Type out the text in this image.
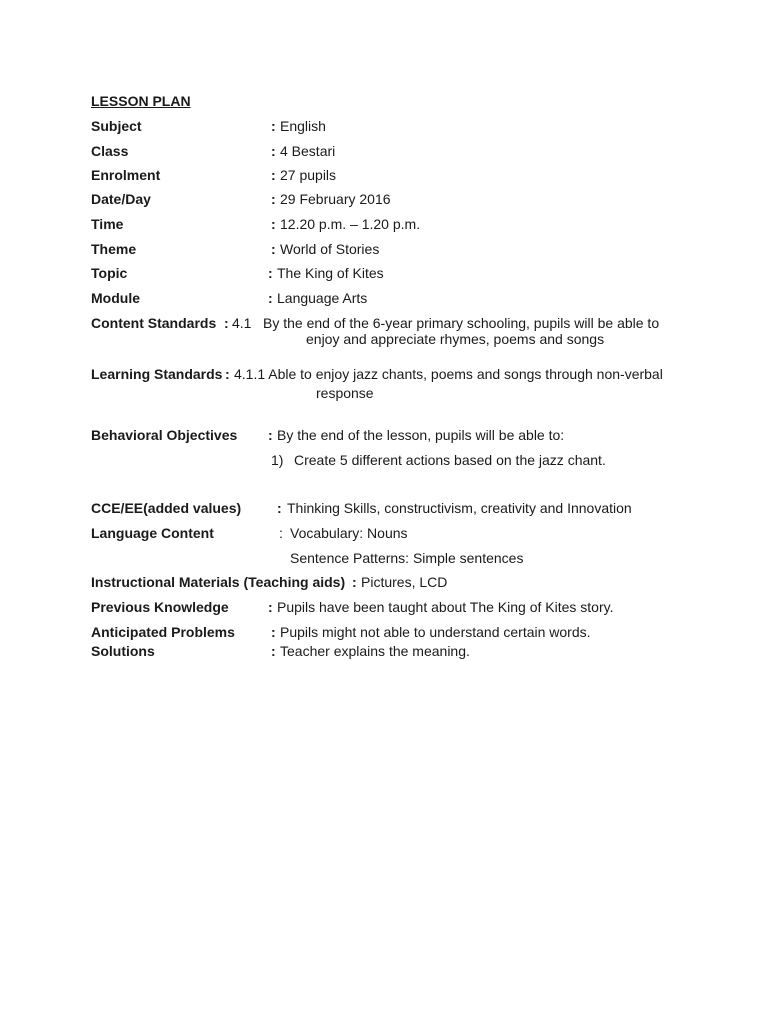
LESSON PLAN
Subject	: English
Class	: 4 Bestari
Enrolment	: 27 pupils
Date/Day	: 29 February 2016
Time	: 12.20 p.m. – 1.20 p.m.
Theme	: World of Stories
Topic	: The King of Kites
Module	: Language Arts
Content Standards : 4.1 By the end of the 6-year primary schooling, pupils will be able to
enjoy and appreciate rhymes, poems and songs
Learning Standards : 4.1.1 Able to enjoy jazz chants, poems and songs through non-verbal
response
Behavioral Objectives : By the end of the lesson, pupils will be able to:
1) Create 5 different actions based on the jazz chant.
CCE/EE(added values)	: Thinking Skills, constructivism, creativity and Innovation
Language Content	: Vocabulary: Nouns
Sentence Patterns: Simple sentences
Instructional Materials (Teaching aids) : Pictures, LCD
Previous Knowledge	: Pupils have been taught about The King of Kites story.
Anticipated Problems	: Pupils might not able to understand certain words.
Solutions	: Teacher explains the meaning.
